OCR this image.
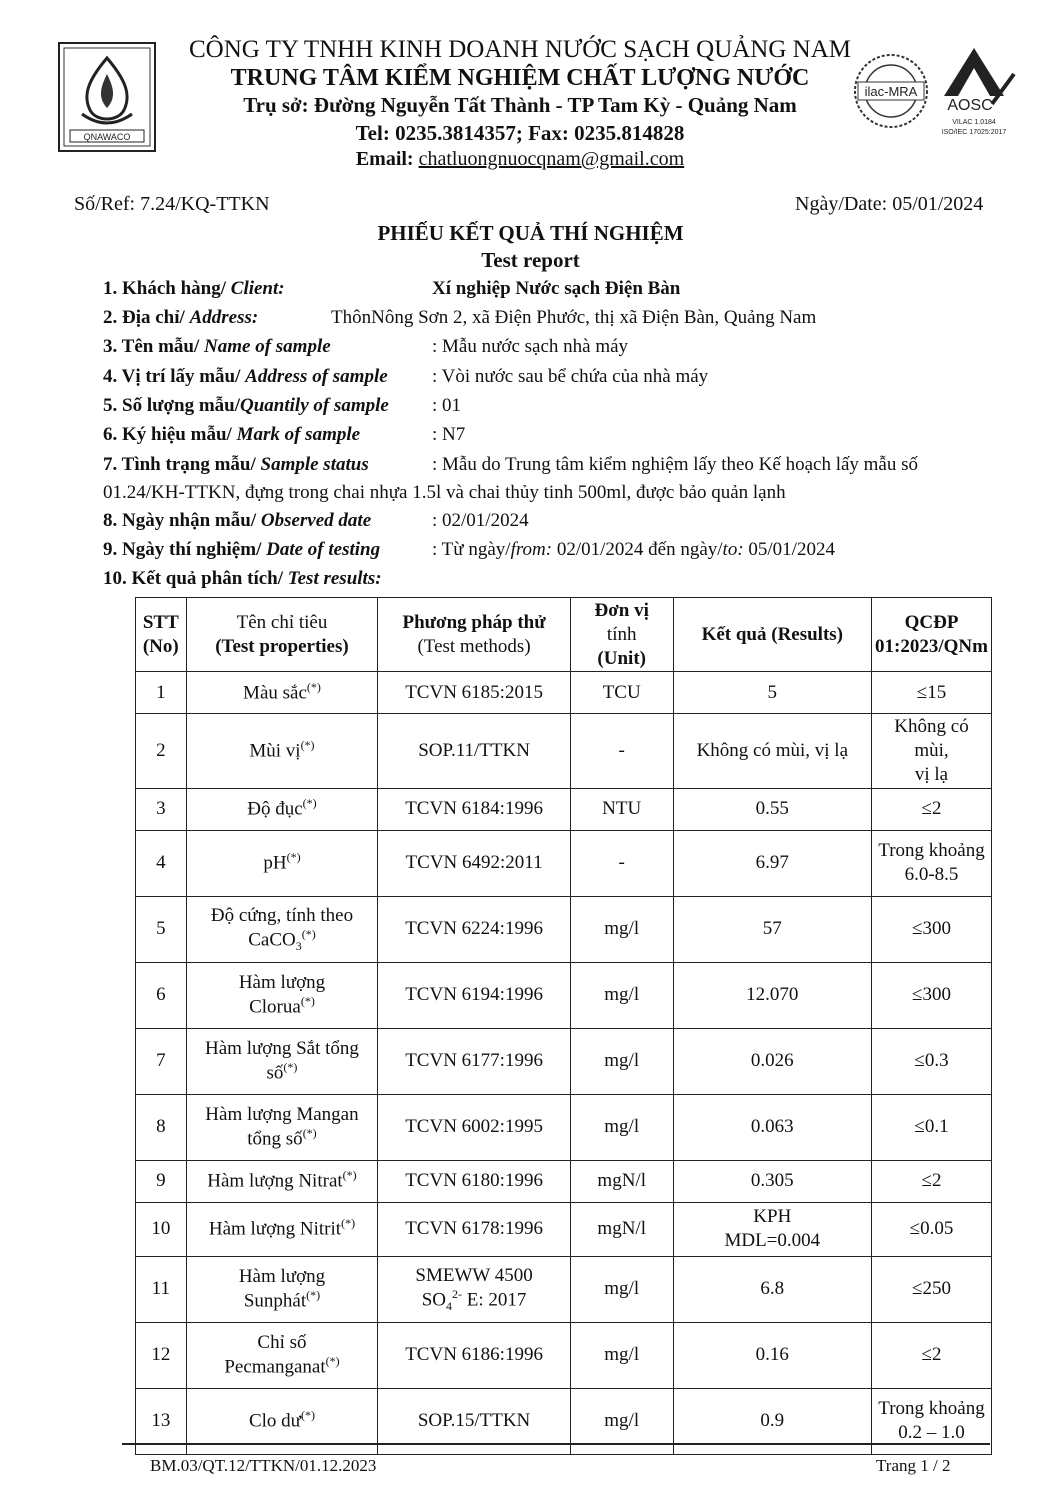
QNAWACO
CÔNG TY TNHH KINH DOANH NƯỚC SẠCH QUẢNG NAM
TRUNG TÂM KIỂM NGHIỆM CHẤT LƯỢNG NƯỚC
Trụ sở: Đường Nguyễn Tất Thành - TP Tam Kỳ - Quảng Nam
Tel: 0235.3814357; Fax: 0235.814828
Email: chatluongnuocqnam@gmail.com
ilac-MRA
AOSC
VILAC 1.0184
ISO/IEC 17025:2017
Số/Ref: 7.24/KQ-TTKN	Ngày/Date: 05/01/2024
PHIẾU KẾT QUẢ THÍ NGHIỆM
Test report
1. Khách hàng/ Client:	Xí nghiệp Nước sạch Điện Bàn
2. Địa chỉ/ Address:	ThônNông Sơn 2, xã Điện Phước, thị xã Điện Bàn, Quảng Nam
3. Tên mẫu/ Name of sample	: Mẫu nước sạch nhà máy
4. Vị trí lấy mẫu/ Address of sample : Vòi nước sau bể chứa của nhà máy
5. Số lượng mẫu/Quantily of sample : 01
6. Ký hiệu mẫu/ Mark of sample	: N7
7. Tình trạng mẫu/ Sample status	: Mẫu do Trung tâm kiểm nghiệm lấy theo Kế hoạch lấy mẫu số
01.24/KH-TTKN, đựng trong chai nhựa 1.5l và chai thủy tinh 500ml, được bảo quản lạnh
8. Ngày nhận mẫu/ Observed date	: 02/01/2024
9. Ngày thí nghiệm/ Date of testing	: Từ ngày/from: 02/01/2024 đến ngày/to: 05/01/2024
10. Kết quả phân tích/ Test results:
STT
(No)	Tên chỉ tiêu
(Test properties)	Phương pháp thử
(Test methods)	Đơn vị
tính
(Unit)	Kết quả (Results)	QCĐP
01:2023/QNm
1	Màu sắc(*)	TCVN 6185:2015	TCU	5	≤15
2	Mùi vị(*)	SOP.11/TTKN	-	Không có mùi, vị lạ	Không có mùi,
vị lạ
3	Độ đục(*)	TCVN 6184:1996	NTU	0.55	≤2
4	pH(*)	TCVN 6492:2011	-	6.97	Trong khoảng
6.0-8.5
5	Độ cứng, tính theo
CaCO$_3$(*)	TCVN 6224:1996	mg/l	57	≤300
6	Hàm lượng
Clorua(*)	TCVN 6194:1996	mg/l	12.070	≤300
7	Hàm lượng Sắt tổng
số(*)	TCVN 6177:1996	mg/l	0.026	≤0.3
8	Hàm lượng Mangan
tổng số(*)	TCVN 6002:1995	mg/l	0.063	≤0.1
9	Hàm lượng Nitrat(*)	TCVN 6180:1996	mgN/l	0.305	≤2
10	Hàm lượng Nitrit(*)	TCVN 6178:1996	mgN/l	KPH
MDL=0.004	≤0.05
11	Hàm lượng
Sunphát(*)	SMEWW 4500
$SO_4^{2-}$ E: 2017	mg/l	6.8	≤250
12	Chỉ số
Pecmanganat(*)	TCVN 6186:1996	mg/l	0.16	≤2
13	Clo dư(*)	SOP.15/TTKN	mg/l	0.9	Trong khoảng
0.2 – 1.0
BM.03/QT.12/TTKN/01.12.2023	Trang 1 / 2
